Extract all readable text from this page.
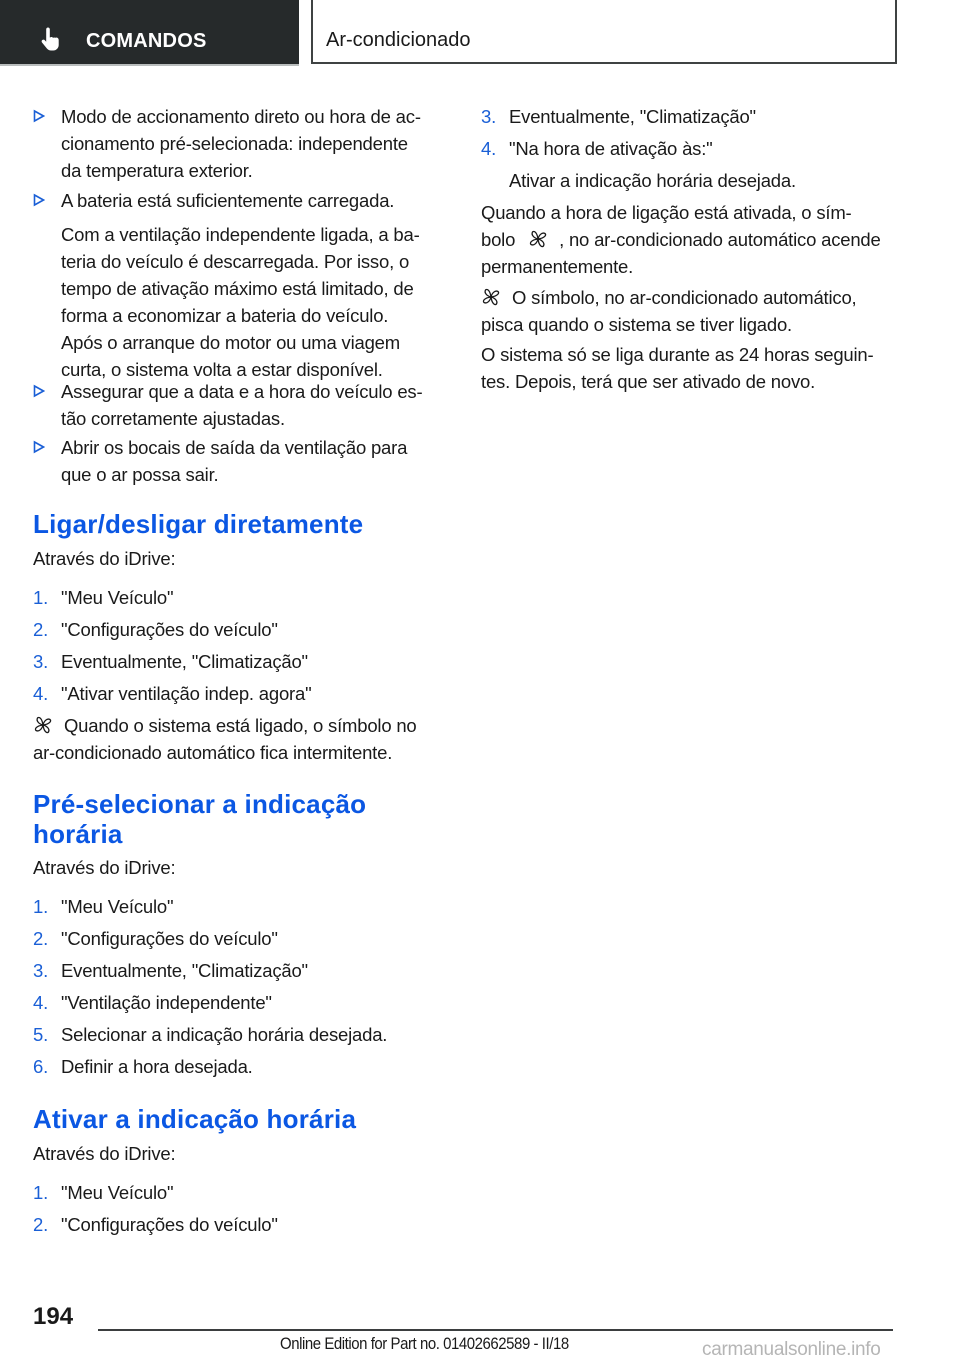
COMANDOS	Ar-condicionado
Modo de accionamento direto ou hora de ac-
cionamento pré-selecionada: independente
da temperatura exterior.
A bateria está suficientemente carregada.
Com a ventilação independente ligada, a ba-
teria do veículo é descarregada. Por isso, o
tempo de ativação máximo está limitado, de
forma a economizar a bateria do veículo.
Após o arranque do motor ou uma viagem
curta, o sistema volta a estar disponível.
Assegurar que a data e a hora do veículo es-
tão corretamente ajustadas.
Abrir os bocais de saída da ventilação para
que o ar possa sair.
Ligar/desligar diretamente

Através do iDrive:

1. "Meu Veículo"
2. "Configurações do veículo"
3. Eventualmente, "Climatização"
4. "Ativar ventilação indep. agora"
Quando o sistema está ligado, o símbolo no
ar-condicionado automático fica intermitente.
Pré-selecionar a indicação
horária

Através do iDrive:

1. "Meu Veículo"
2. "Configurações do veículo"
3. Eventualmente, "Climatização"
4. "Ventilação independente"
5. Selecionar a indicação horária desejada.
6. Definir a hora desejada.
Ativar a indicação horária

Através do iDrive:

1. "Meu Veículo"
2. "Configurações do veículo"
3. Eventualmente, "Climatização"
4. "Na hora de ativação às:"
Ativar a indicação horária desejada.
Quando a hora de ligação está ativada, o sím-
bolo , no ar-condicionado automático acende
permanentemente.
O símbolo, no ar-condicionado automático,
pisca quando o sistema se tiver ligado.
O sistema só se liga durante as 24 horas seguin-
tes. Depois, terá que ser ativado de novo.
194
Online Edition for Part no. 01402662589 - II/18	carmanualsonline.info
